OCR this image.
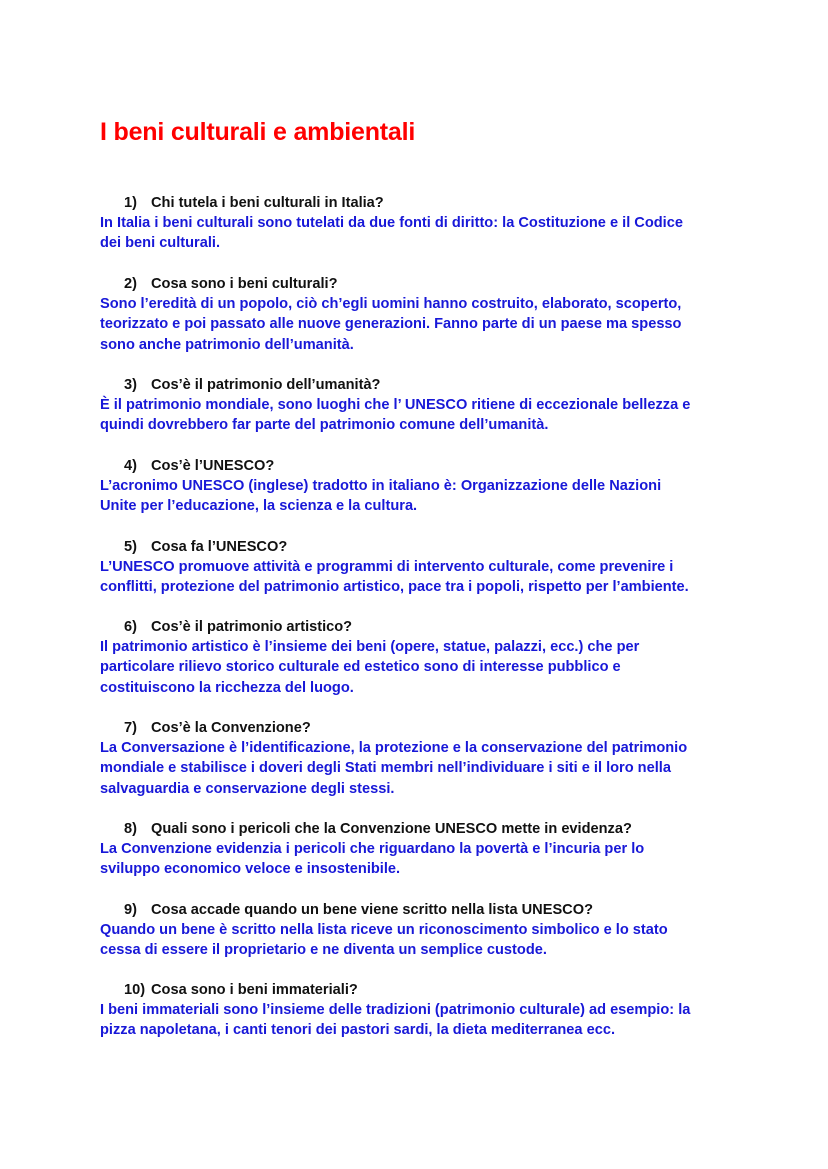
I beni culturali e ambientali

1) Chi tutela i beni culturali in Italia?

In Italia i beni culturali sono tutelati da due fonti di diritto: la Costituzione e il Codice
dei beni culturali.

2) Cosa sono i beni culturali?

Sono l’eredità di un popolo, ciò ch’egli uomini hanno costruito, elaborato, scoperto,
teorizzato e poi passato alle nuove generazioni. Fanno parte di un paese ma spesso
sono anche patrimonio dell’umanità.

3) Cos’è il patrimonio dell’umanità?

È il patrimonio mondiale, sono luoghi che l’ UNESCO ritiene di eccezionale bellezza e
quindi dovrebbero far parte del patrimonio comune dell’umanità.

4) Cos’è l’UNESCO?

L’acronimo UNESCO (inglese) tradotto in italiano è: Organizzazione delle Nazioni
Unite per l’educazione, la scienza e la cultura.

5) Cosa fa l’UNESCO?

L’UNESCO promuove attività e programmi di intervento culturale, come prevenire i
conflitti, protezione del patrimonio artistico, pace tra i popoli, rispetto per l’ambiente.

6) Cos’è il patrimonio artistico?

Il patrimonio artistico è l’insieme dei beni (opere, statue, palazzi, ecc.) che per
particolare rilievo storico culturale ed estetico sono di interesse pubblico e
costituiscono la ricchezza del luogo.

7) Cos’è la Convenzione?

La Conversazione è l’identificazione, la protezione e la conservazione del patrimonio
mondiale e stabilisce i doveri degli Stati membri nell’individuare i siti e il loro nella
salvaguardia e conservazione degli stessi.

8) Quali sono i pericoli che la Convenzione UNESCO mette in evidenza?

La Convenzione evidenzia i pericoli che riguardano la povertà e l’incuria per lo
sviluppo economico veloce e insostenibile.

9) Cosa accade quando un bene viene scritto nella lista UNESCO?

Quando un bene è scritto nella lista riceve un riconoscimento simbolico e lo stato
cessa di essere il proprietario e ne diventa un semplice custode.

10) Cosa sono i beni immateriali?

I beni immateriali sono l’insieme delle tradizioni (patrimonio culturale) ad esempio: la
pizza napoletana, i canti tenori dei pastori sardi, la dieta mediterranea ecc.
